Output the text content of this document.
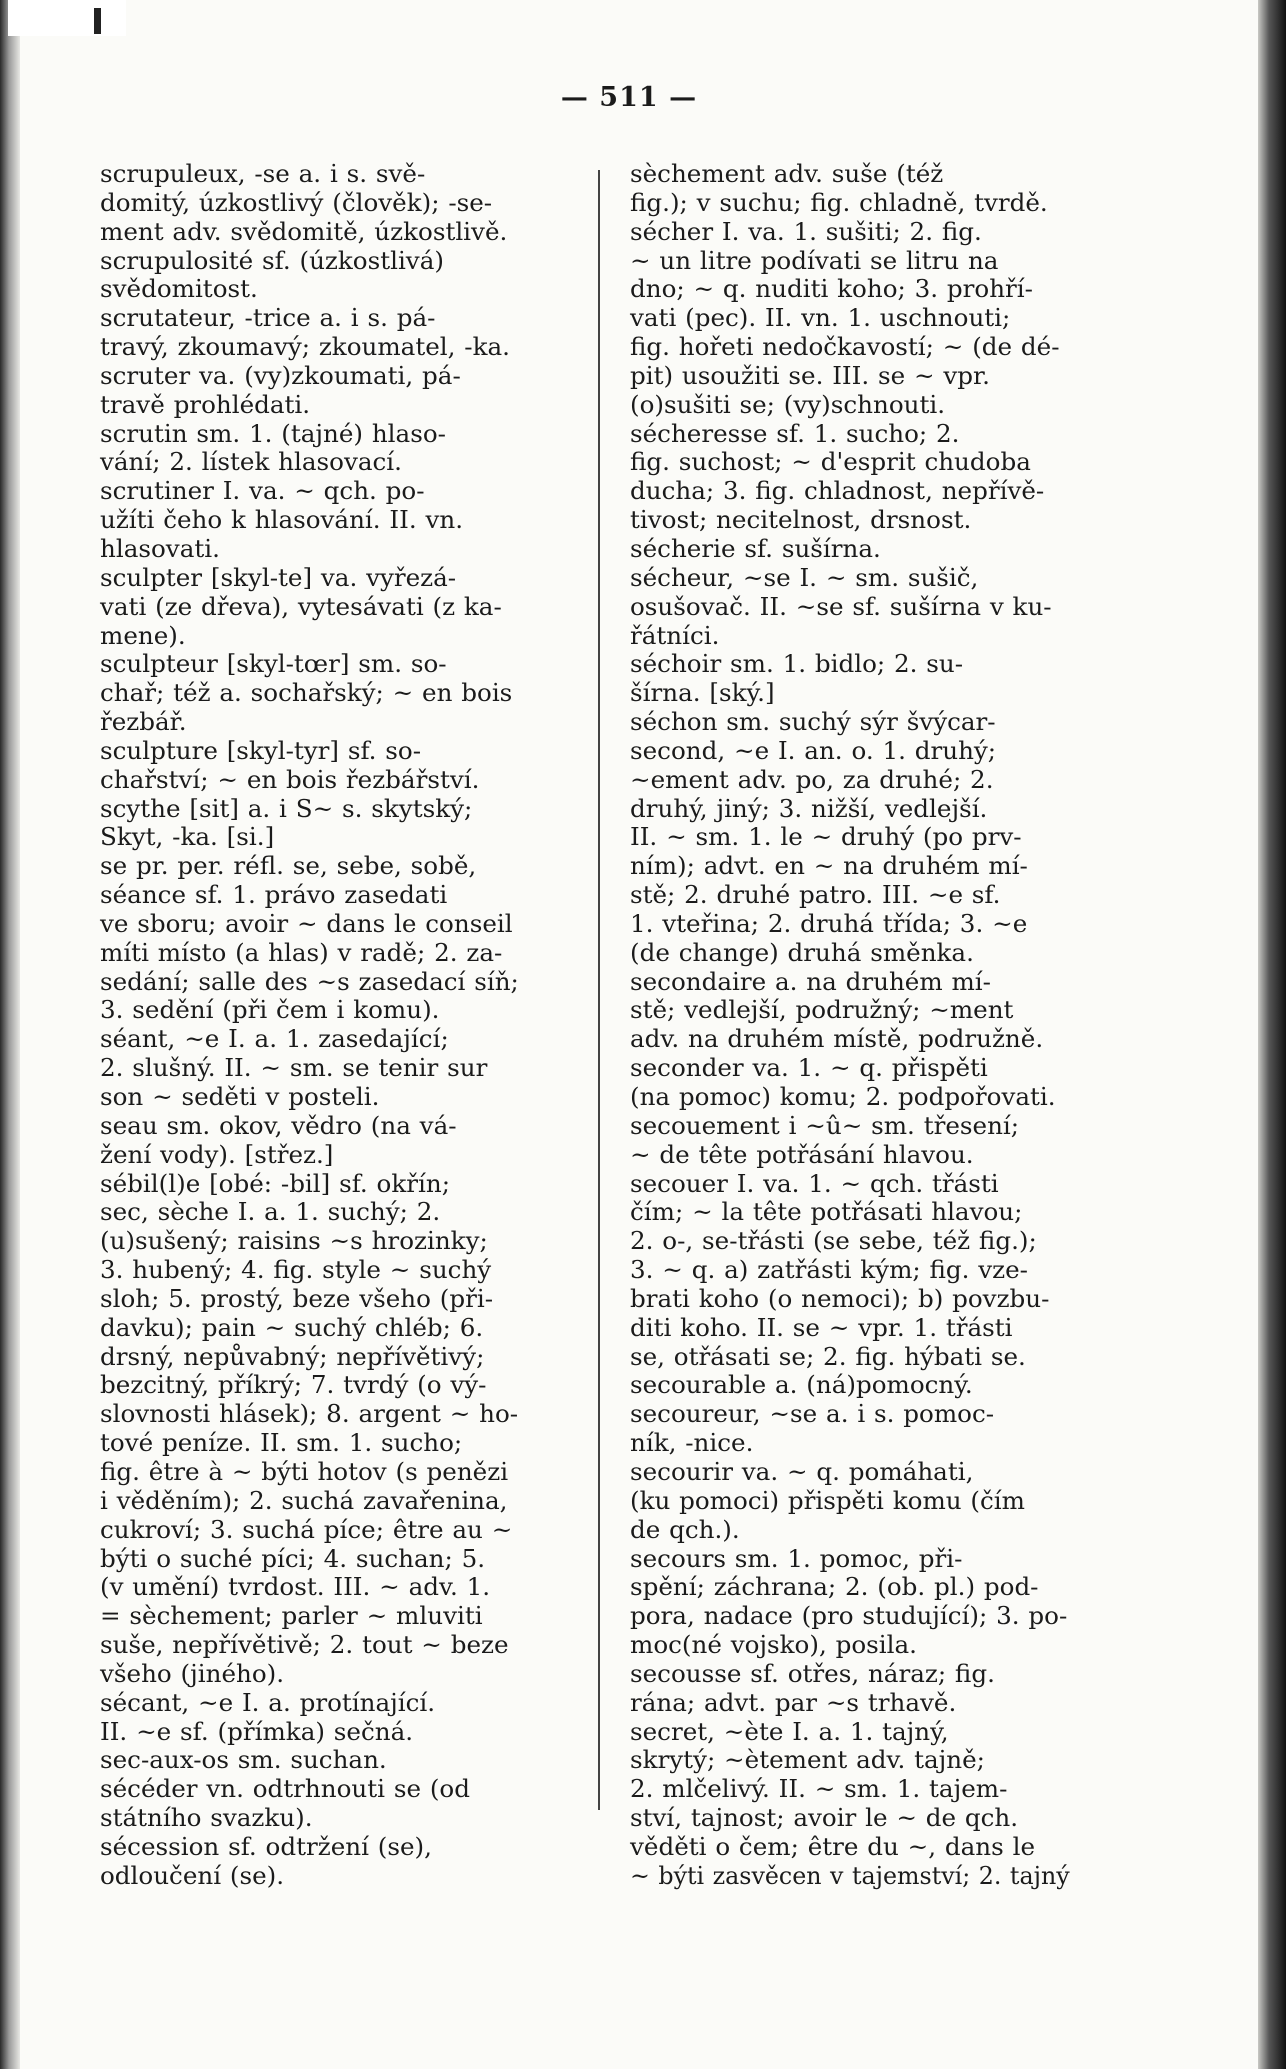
— 511 —
scrupuleux, -se a. i s. svě-
domitý, úzkostlivý (člověk); -se-
ment adv. svědomitě, úzkostlivě.
scrupulosité sf. (úzkostlivá)
svědomitost.
scrutateur, -trice a. i s. pá-
travý, zkoumavý; zkoumatel, -ka.
scruter va. (vy)zkoumati, pá-
travě prohlédati.
scrutin sm. 1. (tajné) hlaso-
vání; 2. lístek hlasovací.
scrutiner I. va. ~ qch. po-
užíti čeho k hlasování. II. vn.
hlasovati.
sculpter [skyl-te] va. vyřezá-
vati (ze dřeva), vytesávati (z ka-
mene).
sculpteur [skyl-tœr] sm. so-
chař; též a. sochařský; ~ en bois
řezbář.
sculpture [skyl-tyr] sf. so-
chařství; ~ en bois řezbářství.
scythe [sit] a. i S~ s. skytský;
Skyt, -ka. [si.]
se pr. per. réfl. se, sebe, sobě,
séance sf. 1. právo zasedati
ve sboru; avoir ~ dans le conseil
míti místo (a hlas) v radě; 2. za-
sedání; salle des ~s zasedací síň;
3. sedění (při čem i komu).
séant, ~e I. a. 1. zasedající;
2. slušný. II. ~ sm. se tenir sur
son ~ seděti v posteli.
seau sm. okov, vědro (na vá-
žení vody). [střez.]
sébil(l)e [obé: -bil] sf. okřín;
sec, sèche I. a. 1. suchý; 2.
(u)sušený; raisins ~s hrozinky;
3. hubený; 4. fig. style ~ suchý
sloh; 5. prostý, beze všeho (při-
davku); pain ~ suchý chléb; 6.
drsný, nepůvabný; nepřívětivý;
bezcitný, příkrý; 7. tvrdý (o vý-
slovnosti hlásek); 8. argent ~ ho-
tové peníze. II. sm. 1. sucho;
fig. être à ~ býti hotov (s penězi
i věděním); 2. suchá zavařenina,
cukroví; 3. suchá píce; être au ~
býti o suché píci; 4. suchan; 5.
(v umění) tvrdost. III. ~ adv. 1.
= sèchement; parler ~ mluviti
suše, nepřívětivě; 2. tout ~ beze
všeho (jiného).
sécant, ~e I. a. protínající.
II. ~e sf. (přímka) sečná.
sec-aux-os sm. suchan.
sécéder vn. odtrhnouti se (od
státního svazku).
sécession sf. odtržení (se),
odloučení (se).
sèchement adv. suše (též
fig.); v suchu; fig. chladně, tvrdě.
sécher I. va. 1. sušiti; 2. fig.
~ un litre podívati se litru na
dno; ~ q. nuditi koho; 3. prohří-
vati (pec). II. vn. 1. uschnouti;
fig. hořeti nedočkavostí; ~ (de dé-
pit) usoužiti se. III. se ~ vpr.
(o)sušiti se; (vy)schnouti.
sécheresse sf. 1. sucho; 2.
fig. suchost; ~ d'esprit chudoba
ducha; 3. fig. chladnost, nepřívě-
tivost; necitelnost, drsnost.
sécherie sf. sušírna.
sécheur, ~se I. ~ sm. sušič,
osušovač. II. ~se sf. sušírna v ku-
řátníci.
séchoir sm. 1. bidlo; 2. su-
šírna. [ský.]
séchon sm. suchý sýr švýcar-
second, ~e I. an. o. 1. druhý;
~ement adv. po, za druhé; 2.
druhý, jiný; 3. nižší, vedlejší.
II. ~ sm. 1. le ~ druhý (po prv-
ním); advt. en ~ na druhém mí-
stě; 2. druhé patro. III. ~e sf.
1. vteřina; 2. druhá třída; 3. ~e
(de change) druhá směnka.
secondaire a. na druhém mí-
stě; vedlejší, podružný; ~ment
adv. na druhém místě, podružně.
seconder va. 1. ~ q. přispěti
(na pomoc) komu; 2. podpořovati.
secouement i ~û~ sm. třesení;
~ de tête potřásání hlavou.
secouer I. va. 1. ~ qch. třásti
čím; ~ la tête potřásati hlavou;
2. o-, se-třásti (se sebe, též fig.);
3. ~ q. a) zatřásti kým; fig. vze-
brati koho (o nemoci); b) povzbu-
diti koho. II. se ~ vpr. 1. třásti
se, otřásati se; 2. fig. hýbati se.
secourable a. (ná)pomocný.
secoureur, ~se a. i s. pomoc-
ník, -nice.
secourir va. ~ q. pomáhati,
(ku pomoci) přispěti komu (čím
de qch.).
secours sm. 1. pomoc, při-
spění; záchrana; 2. (ob. pl.) pod-
pora, nadace (pro studující); 3. po-
moc(né vojsko), posila.
secousse sf. otřes, náraz; fig.
rána; advt. par ~s trhavě.
secret, ~ète I. a. 1. tajný,
skrytý; ~ètement adv. tajně;
2. mlčelivý. II. ~ sm. 1. tajem-
ství, tajnost; avoir le ~ de qch.
věděti o čem; être du ~, dans le
~ býti zasvěcen v tajemství; 2. tajný
